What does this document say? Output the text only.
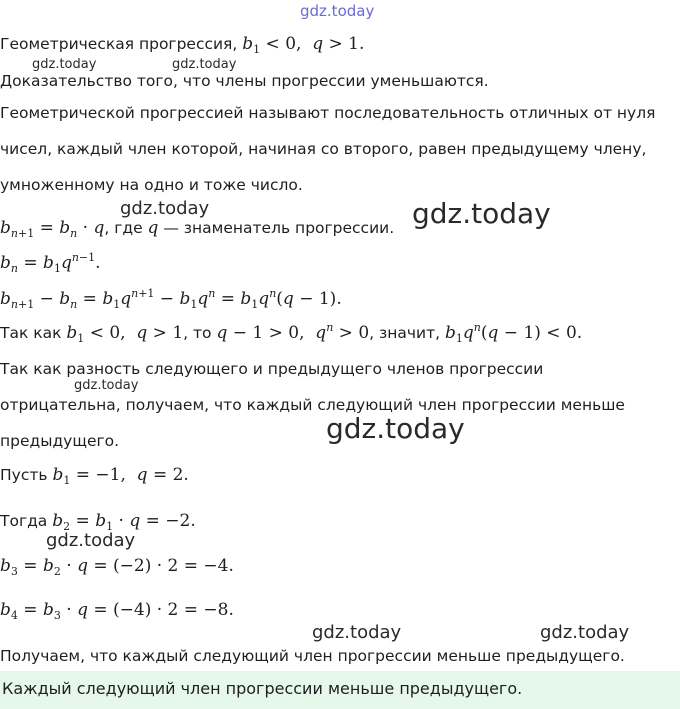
gdz.today
gdz.today	gdz.today
gdz.today	gdz.today
gdz.today
gdz.today
gdz.today
gdz.today	gdz.today
Геометрическая прогрессия, $b_1 < 0$,  q > 1.
Доказательство того, что члены прогрессии уменьшаются.
Геометрической прогрессией называют последовательность отличных от нуля
чисел, каждый член которой, начиная со второго, равен предыдущему члену,
умноженному на одно и тоже число.
$b_{n+1} = b_n \cdot q$, где q — знаменатель прогрессии.
$b_n = b_1q^{n-1}$.
$b_{n+1} - b_n = b_1q^{n+1} - b_1q^n = b_1q^n(q - 1)$.
Так как $b_1 < 0$,  q > 1, то q − 1 > 0,  $q^n > 0$, значит, $b_1q^n(q - 1) < 0$.
Так как разность следующего и предыдущего членов прогрессии
отрицательна, получаем, что каждый следующий член прогрессии меньше
предыдущего.
Пусть $b_1 = -1$,  q = 2.
Тогда $b_2 = b_1 \cdot q = -2$.
$b_3 = b_2 \cdot q = (-2) \cdot 2 = -4$.
$b_4 = b_3 \cdot q = (-4) \cdot 2 = -8$.
Получаем, что каждый следующий член прогрессии меньше предыдущего.
Каждый следующий член прогрессии меньше предыдущего.
